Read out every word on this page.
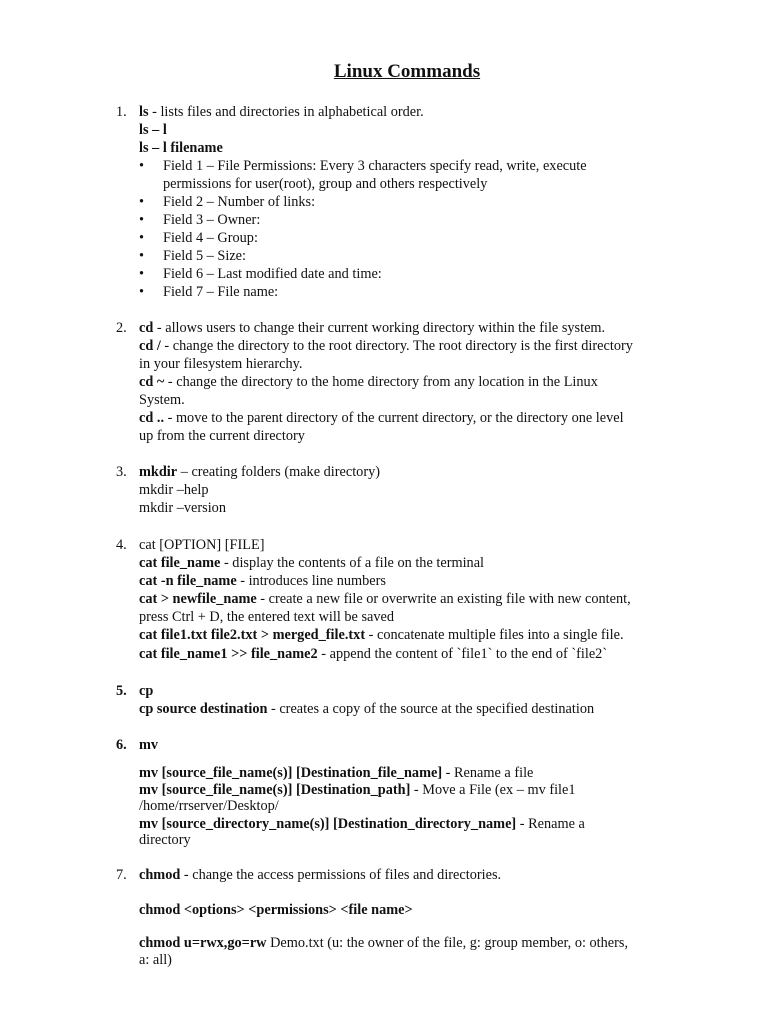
Linux Commands
1. ls - lists files and directories in alphabetical order.
ls – l
ls – l filename
• Field 1 – File Permissions: Every 3 characters specify read, write, execute
permissions for user(root), group and others respectively
• Field 2 – Number of links:
• Field 3 – Owner:
• Field 4 – Group:
• Field 5 – Size:
• Field 6 – Last modified date and time:
• Field 7 – File name:
2. cd - allows users to change their current working directory within the file system.
cd / - change the directory to the root directory. The root directory is the first directory
in your filesystem hierarchy.
cd ~ - change the directory to the home directory from any location in the Linux
System.
cd .. - move to the parent directory of the current directory, or the directory one level
up from the current directory
3. mkdir – creating folders (make directory)
mkdir –help
mkdir –version
4. cat [OPTION] [FILE]
cat file_name - display the contents of a file on the terminal
cat -n file_name - introduces line numbers
cat > newfile_name - create a new file or overwrite an existing file with new content,
press Ctrl + D, the entered text will be saved
cat file1.txt file2.txt > merged_file.txt - concatenate multiple files into a single file.
cat file_name1 >> file_name2 - append the content of `file1` to the end of `file2`
5. cp
cp source destination - creates a copy of the source at the specified destination
6. mv
mv [source_file_name(s)] [Destination_file_name] - Rename a file
mv [source_file_name(s)] [Destination_path] - Move a File (ex – mv file1
/home/rrserver/Desktop/
mv [source_directory_name(s)] [Destination_directory_name] - Rename a
directory
7. chmod - change the access permissions of files and directories.
chmod <options> <permissions> <file name>
chmod u=rwx,go=rw Demo.txt (u: the owner of the file, g: group member, o: others,
a: all)
